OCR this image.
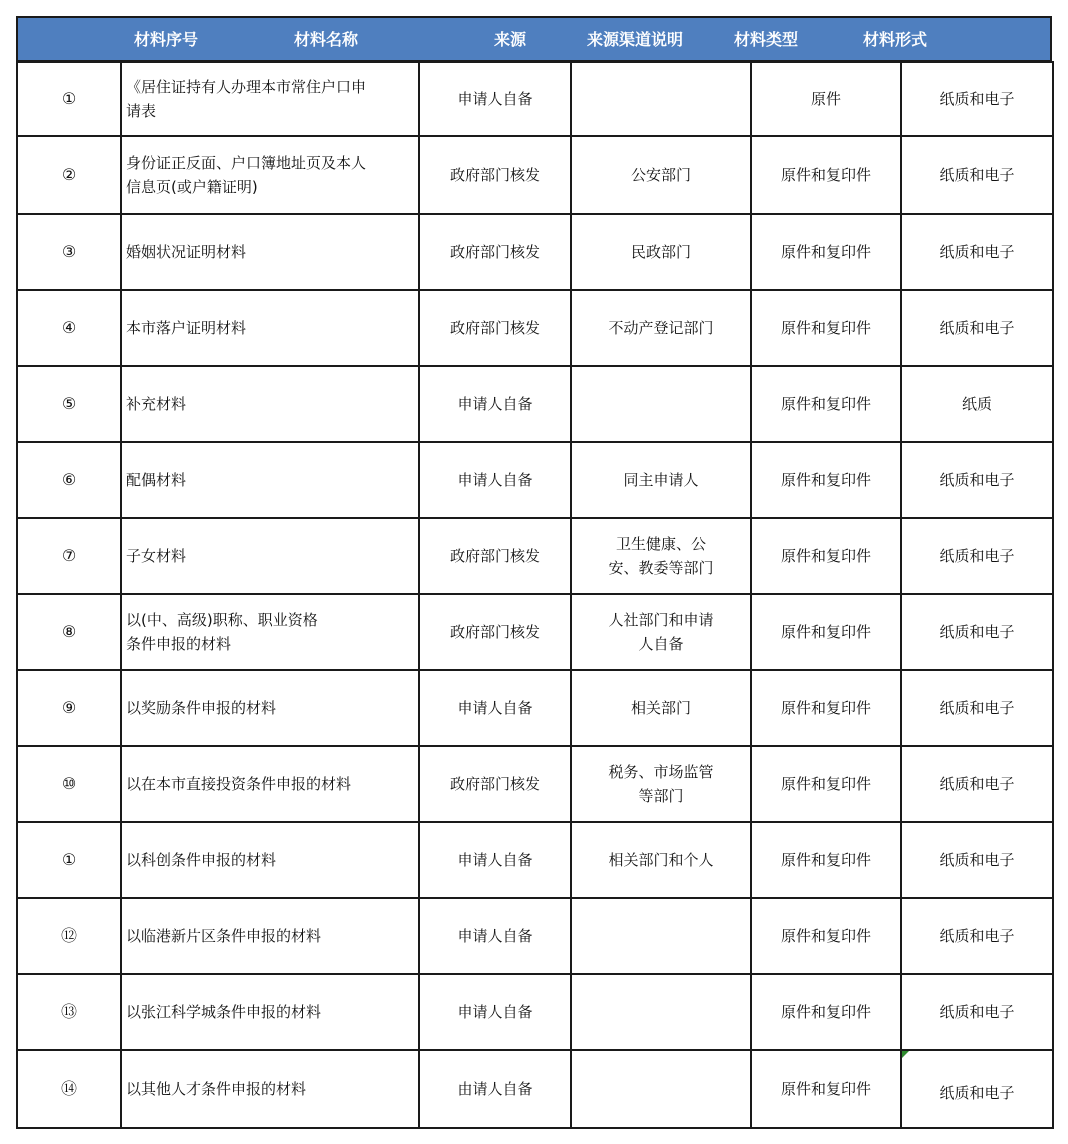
材料序号	材料名称	来源	来源渠道说明	材料类型	材料形式
①	《居住证持有人办理本市常住户口申请表	申请人自备		原件	纸质和电子
②	身份证正反面、户口簿地址页及本人信息页(或户籍证明)	政府部门核发	公安部门	原件和复印件	纸质和电子
③	婚姻状况证明材料	政府部门核发	民政部门	原件和复印件	纸质和电子
④	本市落户证明材料	政府部门核发	不动产登记部门	原件和复印件	纸质和电子
⑤	补充材料	申请人自备		原件和复印件	纸质
⑥	配偶材料	申请人自备	同主申请人	原件和复印件	纸质和电子
⑦	子女材料	政府部门核发	卫生健康、公安、教委等部门	原件和复印件	纸质和电子
⑧	以(中、高级)职称、职业资格条件申报的材料	政府部门核发	人社部门和申请人自备	原件和复印件	纸质和电子
⑨	以奖励条件申报的材料	申请人自备	相关部门	原件和复印件	纸质和电子
⑩	以在本市直接投资条件申报的材料	政府部门核发	税务、市场监管等部门	原件和复印件	纸质和电子
①	以科创条件申报的材料	申请人自备	相关部门和个人	原件和复印件	纸质和电子
⑫	以临港新片区条件申报的材料	申请人自备		原件和复印件	纸质和电子
⑬	以张江科学城条件申报的材料	申请人自备		原件和复印件	纸质和电子
⑭	以其他人才条件申报的材料	由请人自备		原件和复印件	纸质和电子
